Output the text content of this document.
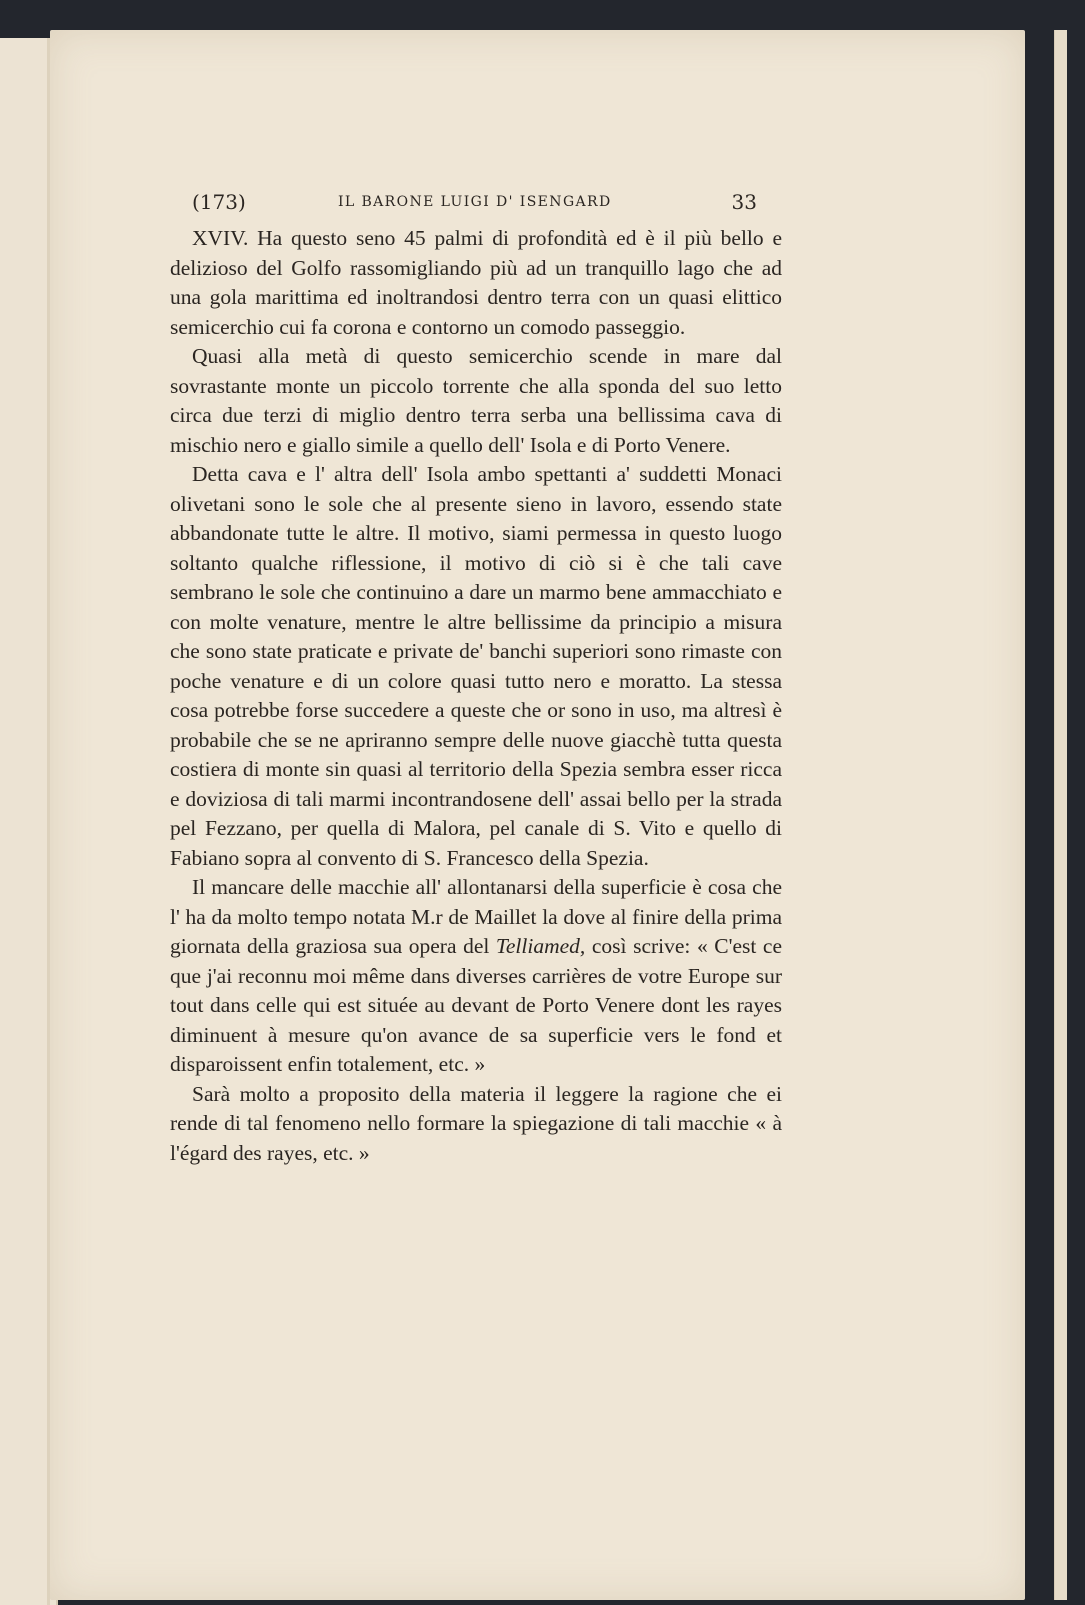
(173)	IL BARONE LUIGI D' ISENGARD	33

XVIV. Ha questo seno 45 palmi di profondità ed è il più bello e delizioso del Golfo rassomigliando più ad un tranquillo lago che ad una gola marittima ed inoltrandosi dentro terra con un quasi elittico semicerchio cui fa corona e contorno un comodo passeggio.

Quasi alla metà di questo semicerchio scende in mare dal sovrastante monte un piccolo torrente che alla sponda del suo letto circa due terzi di miglio dentro terra serba una bellissima cava di mischio nero e giallo simile a quello dell' Isola e di Porto Venere.

Detta cava e l' altra dell' Isola ambo spettanti a' suddetti Monaci olivetani sono le sole che al presente sieno in lavoro, essendo state abbandonate tutte le altre. Il motivo, siami permessa in questo luogo soltanto qualche riflessione, il motivo di ciò si è che tali cave sembrano le sole che continuino a dare un marmo bene ammacchiato e con molte venature, mentre le altre bellissime da principio a misura che sono state praticate e private de' banchi superiori sono rimaste con poche venature e di un colore quasi tutto nero e moratto. La stessa cosa potrebbe forse succedere a queste che or sono in uso, ma altresì è probabile che se ne apriranno sempre delle nuove giacchè tutta questa costiera di monte sin quasi al territorio della Spezia sembra esser ricca e doviziosa di tali marmi incontrandosene dell' assai bello per la strada pel Fezzano, per quella di Malora, pel canale di S. Vito e quello di Fabiano sopra al convento di S. Francesco della Spezia.

Il mancare delle macchie all' allontanarsi della superficie è cosa che l' ha da molto tempo notata M.r de Maillet la dove al finire della prima giornata della graziosa sua opera del Telliamed, così scrive: « C'est ce que j'ai reconnu moi même dans diverses carrières de votre Europe sur tout dans celle qui est située au devant de Porto Venere dont les rayes diminuent à mesure qu'on avance de sa superficie vers le fond et disparoissent enfin totalement, etc. »

Sarà molto a proposito della materia il leggere la ragione che ei rende di tal fenomeno nello formare la spiegazione di tali macchie « à l'égard des rayes, etc. »
